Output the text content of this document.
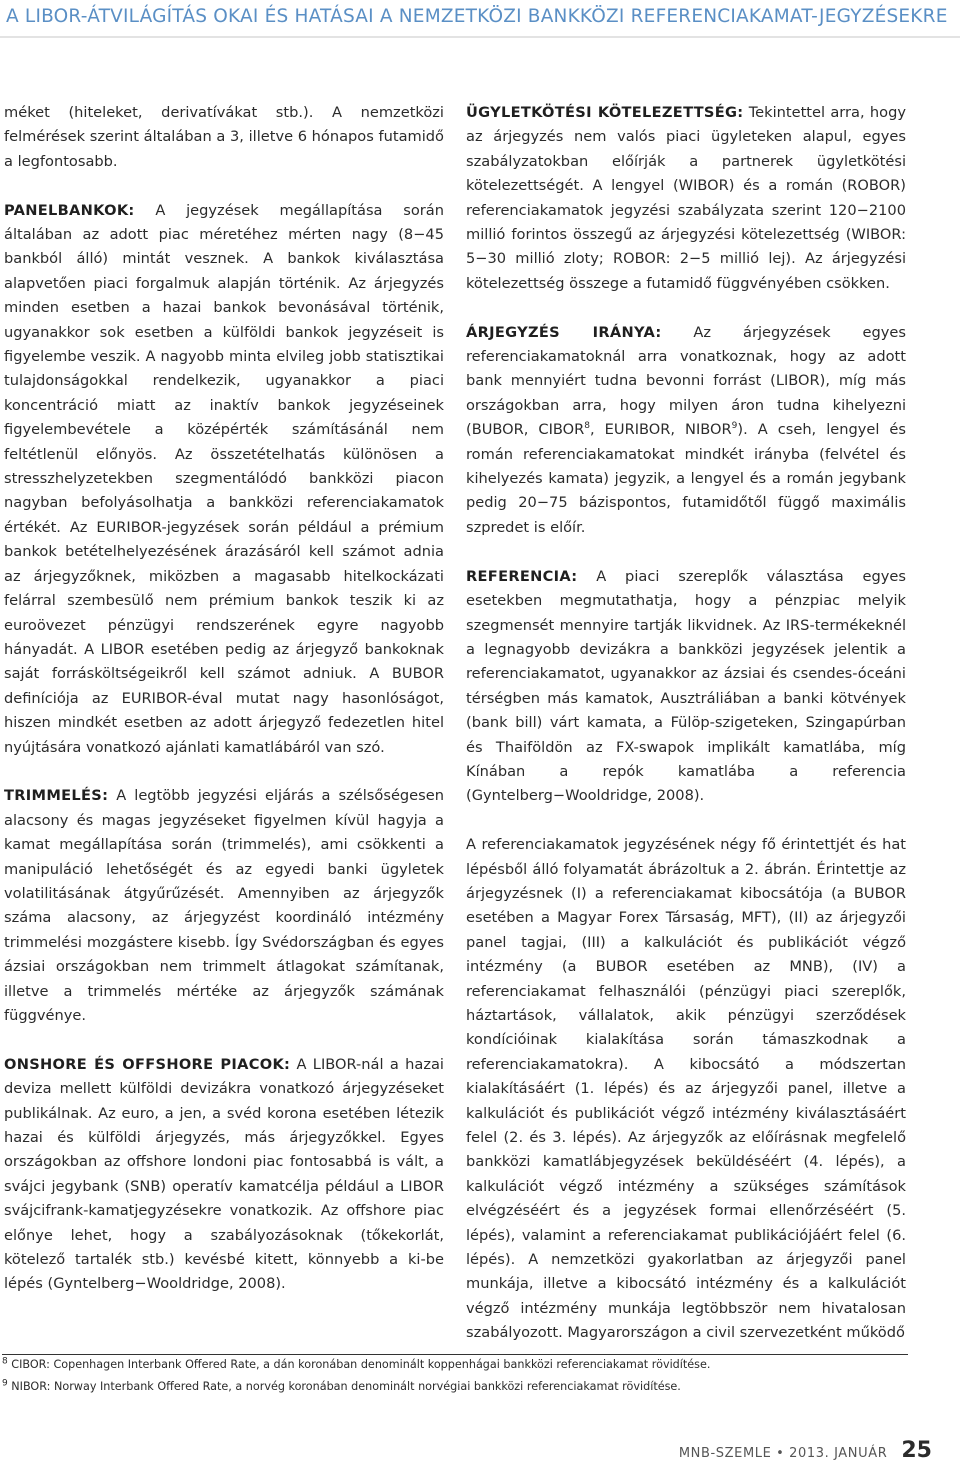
A LIBOR-ÁTVILÁGÍTÁS OKAI ÉS HATÁSAI A NEMZETKÖZI BANKKÖZI REFERENCIAKAMAT-JEGYZÉSEKRE

méket (hiteleket, derivatívákat stb.). A nemzetközi felmérések szerint általában a 3, illetve 6 hónapos futamidő a legfontosabb.

PANELBANKOK: A jegyzések megállapítása során általában az adott piac méretéhez mérten nagy (8−45 bankból álló) mintát vesznek. A bankok kiválasztása alapvetően piaci forgalmuk alapján történik. Az árjegyzés minden esetben a hazai bankok bevonásával történik, ugyanakkor sok esetben a külföldi bankok jegyzéseit is figyelembe veszik. A nagyobb minta elvileg jobb statisztikai tulajdonságokkal rendelkezik, ugyanakkor a piaci koncentráció miatt az inaktív bankok jegyzéseinek figyelembevétele a középérték számításánál nem feltétlenül előnyös. Az összetételhatás különösen a stresszhelyzetekben szegmentálódó bankközi piacon nagyban befolyásolhatja a bankközi referenciakamatok értékét. Az EURIBOR-jegyzések során például a prémium bankok betételhelyezésének árazásáról kell számot adnia az árjegyzőknek, miközben a magasabb hitelkockázati felárral szembesülő nem prémium bankok teszik ki az euroövezet pénzügyi rendszerének egyre nagyobb hányadát. A LIBOR esetében pedig az árjegyző bankoknak saját forrásköltségeikről kell számot adniuk. A BUBOR definíciója az EURIBOR-éval mutat nagy hasonlóságot, hiszen mindkét esetben az adott árjegyző fedezetlen hitel nyújtására vonatkozó ajánlati kamatlábáról van szó.

TRIMMELÉS: A legtöbb jegyzési eljárás a szélsőségesen alacsony és magas jegyzéseket figyelmen kívül hagyja a kamat megállapítása során (trimmelés), ami csökkenti a manipuláció lehetőségét és az egyedi banki ügyletek volatilitásának átgyűrűzését. Amennyiben az árjegyzők száma alacsony, az árjegyzést koordináló intézmény trimmelési mozgástere kisebb. Így Svédországban és egyes ázsiai országokban nem trimmelt átlagokat számítanak, illetve a trimmelés mértéke az árjegyzők számának függvénye.

ONSHORE ÉS OFFSHORE PIACOK: A LIBOR-nál a hazai deviza mellett külföldi devizákra vonatkozó árjegyzéseket publikálnak. Az euro, a jen, a svéd korona esetében létezik hazai és külföldi árjegyzés, más árjegyzőkkel. Egyes országokban az offshore londoni piac fontosabbá is vált, a svájci jegybank (SNB) operatív kamatcélja például a LIBOR svájcifrank-kamatjegyzésekre vonatkozik. Az offshore piac előnye lehet, hogy a szabályozásoknak (tőkekorlát, kötelező tartalék stb.) kevésbé kitett, könnyebb a ki-be lépés (Gyntelberg−Wooldridge, 2008).

ÜGYLETKÖTÉSI KÖTELEZETTSÉG: Tekintettel arra, hogy az árjegyzés nem valós piaci ügyleteken alapul, egyes szabályzatokban előírják a partnerek ügyletkötési kötelezettségét. A lengyel (WIBOR) és a román (ROBOR) referenciakamatok jegyzési szabályzata szerint 120−2100 millió forintos összegű az árjegyzési kötelezettség (WIBOR: 5−30 millió zloty; ROBOR: 2−5 millió lej). Az árjegyzési kötelezettség összege a futamidő függvényében csökken.

ÁRJEGYZÉS IRÁNYA: Az árjegyzések egyes referenciakamatoknál arra vonatkoznak, hogy az adott bank mennyiért tudna bevonni forrást (LIBOR), míg más országokban arra, hogy milyen áron tudna kihelyezni (BUBOR, CIBOR$^8$, EURIBOR, NIBOR$^9$). A cseh, lengyel és román referenciakamatokat mindkét irányba (felvétel és kihelyezés kamata) jegyzik, a lengyel és a román jegybank pedig 20−75 bázispontos, futamidőtől függő maximális szpredet is előír.

REFERENCIA: A piaci szereplők választása egyes esetekben megmutathatja, hogy a pénzpiac melyik szegmensét mennyire tartják likvidnek. Az IRS-termékeknél a legnagyobb devizákra a bankközi jegyzések jelentik a referenciakamatot, ugyanakkor az ázsiai és csendes-óceáni térségben más kamatok, Ausztráliában a banki kötvények (bank bill) várt kamata, a Fülöp-szigeteken, Szingapúrban és Thaiföldön az FX-swapok implikált kamatlába, míg Kínában a repók kamatlába a referencia (Gyntelberg−Wooldridge, 2008).

A referenciakamatok jegyzésének négy fő érintettjét és hat lépésből álló folyamatát ábrázoltuk a 2. ábrán. Érintettje az árjegyzésnek (I) a referenciakamat kibocsátója (a BUBOR esetében a Magyar Forex Társaság, MFT), (II) az árjegyzői panel tagjai, (III) a kalkulációt és publikációt végző intézmény (a BUBOR esetében az MNB), (IV) a referenciakamat felhasználói (pénzügyi piaci szereplők, háztartások, vállalatok, akik pénzügyi szerződések kondícióinak kialakítása során támaszkodnak a referenciakamatokra). A kibocsátó a módszertan kialakításáért (1. lépés) és az árjegyzői panel, illetve a kalkulációt és publikációt végző intézmény kiválasztásáért felel (2. és 3. lépés). Az árjegyzők az előírásnak megfelelő bankközi kamatlábjegyzések beküldéséért (4. lépés), a kalkulációt végző intézmény a szükséges számítások elvégzéséért és a jegyzések formai ellenőrzéséért (5. lépés), valamint a referenciakamat publikációjáért felel (6. lépés). A nemzetközi gyakorlatban az árjegyzői panel munkája, illetve a kibocsátó intézmény és a kalkulációt végző intézmény munkája legtöbbször nem hivatalosan szabályozott. Magyarországon a civil szervezetként működő

$^8$ CIBOR: Copenhagen Interbank Offered Rate, a dán koronában denominált koppenhágai bankközi referenciakamat rövidítése.
$^9$ NIBOR: Norway Interbank Offered Rate, a norvég koronában denominált norvégiai bankközi referenciakamat rövidítése.
MNB-SZEMLE • 2013. JANUÁR 25
